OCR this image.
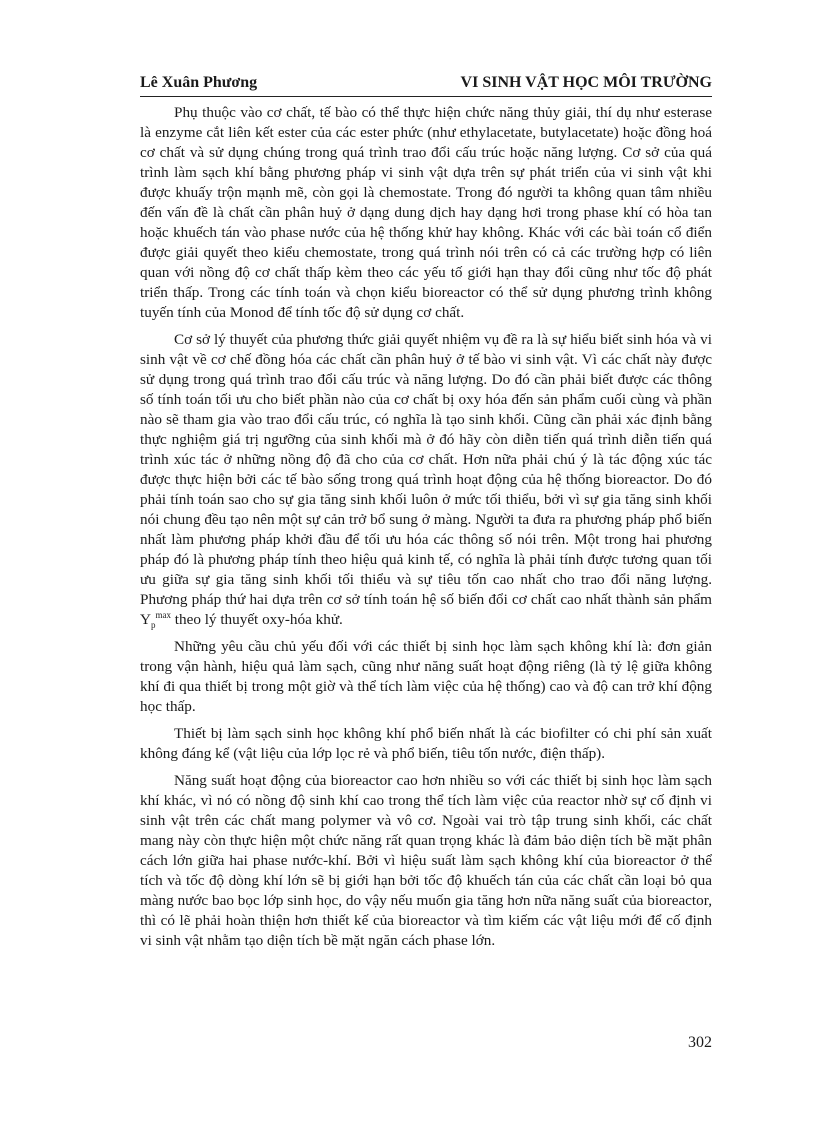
Lê Xuân Phương	VI SINH VẬT HỌC MÔI TRƯỜNG

Phụ thuộc vào cơ chất, tế bào có thể thực hiện chức năng thủy giải, thí dụ như esterase là enzyme cắt liên kết ester của các ester phức (như ethylacetate, butylacetate) hoặc đồng hoá cơ chất và sử dụng chúng trong quá trình trao đổi cấu trúc hoặc năng lượng. Cơ sở của quá trình làm sạch khí bằng phương pháp vi sinh vật dựa trên sự phát triển của vi sinh vật khi được khuấy trộn mạnh mẽ, còn gọi là chemostate. Trong đó người ta không quan tâm nhiều đến vấn đề là chất cần phân huỷ ở dạng dung dịch hay dạng hơi trong phase khí có hòa tan hoặc khuếch tán vào phase nước của hệ thống khử hay không. Khác với các bài toán cổ điển được giải quyết theo kiểu chemostate, trong quá trình nói trên có cả các trường hợp có liên quan với nồng độ cơ chất thấp kèm theo các yếu tố giới hạn thay đổi cũng như tốc độ phát triển thấp. Trong các tính toán và chọn kiểu bioreactor có thể sử dụng phương trình không tuyến tính của Monod để tính tốc độ sử dụng cơ chất.

Cơ sở lý thuyết của phương thức giải quyết nhiệm vụ đề ra là sự hiểu biết sinh hóa và vi sinh vật về cơ chế đồng hóa các chất cần phân huỷ ở tế bào vi sinh vật. Vì các chất này được sử dụng trong quá trình trao đổi cấu trúc và năng lượng. Do đó cần phải biết được các thông số tính toán tối ưu cho biết phần nào của cơ chất bị oxy hóa đến sản phẩm cuối cùng và phần nào sẽ tham gia vào trao đổi cấu trúc, có nghĩa là tạo sinh khối. Cũng cần phải xác định bằng thực nghiệm giá trị ngưỡng của sinh khối mà ở đó hãy còn diễn tiến quá trình diễn tiến quá trình xúc tác ở những nồng độ đã cho của cơ chất. Hơn nữa phải chú ý là tác động xúc tác được thực hiện bởi các tế bào sống trong quá trình hoạt động của hệ thống bioreactor. Do đó phải tính toán sao cho sự gia tăng sinh khối luôn ở mức tối thiểu, bởi vì sự gia tăng sinh khối nói chung đều tạo nên một sự cản trở bổ sung ở màng. Người ta đưa ra phương pháp phổ biến nhất làm phương pháp khởi đầu để tối ưu hóa các thông số nói trên. Một trong hai phương pháp đó là phương pháp tính theo hiệu quả kinh tế, có nghĩa là phải tính được tương quan tối ưu giữa sự gia tăng sinh khối tối thiểu và sự tiêu tốn cao nhất cho trao đổi năng lượng. Phương pháp thứ hai dựa trên cơ sở tính toán hệ số biến đổi cơ chất cao nhất thành sản phẩm $Y_p^{max}$ theo lý thuyết oxy-hóa khử.

Những yêu cầu chủ yếu đối với các thiết bị sinh học làm sạch không khí là: đơn giản trong vận hành, hiệu quả làm sạch, cũng như năng suất hoạt động riêng (là tỷ lệ giữa không khí đi qua thiết bị trong một giờ và thể tích làm việc của hệ thống) cao và độ can trở khí động học thấp.

Thiết bị làm sạch sinh học không khí phổ biến nhất là các biofilter có chi phí sản xuất không đáng kể (vật liệu của lớp lọc rẻ và phổ biến, tiêu tốn nước, điện thấp).

Năng suất hoạt động của bioreactor cao hơn nhiều so với các thiết bị sinh học làm sạch khí khác, vì nó có nồng độ sinh khí cao trong thể tích làm việc của reactor nhờ sự cố định vi sinh vật trên các chất mang polymer và vô cơ. Ngoài vai trò tập trung sinh khối, các chất mang này còn thực hiện một chức năng rất quan trọng khác là đảm bảo diện tích bề mặt phân cách lớn giữa hai phase nước-khí. Bởi vì hiệu suất làm sạch không khí của bioreactor ở thể tích và tốc độ dòng khí lớn sẽ bị giới hạn bởi tốc độ khuếch tán của các chất cần loại bỏ qua màng nước bao bọc lớp sinh học, do vậy nếu muốn gia tăng hơn nữa năng suất của bioreactor, thì có lẽ phải hoàn thiện hơn thiết kế của bioreactor và tìm kiếm các vật liệu mới để cố định vi sinh vật nhằm tạo diện tích bề mặt ngăn cách phase lớn.

302
